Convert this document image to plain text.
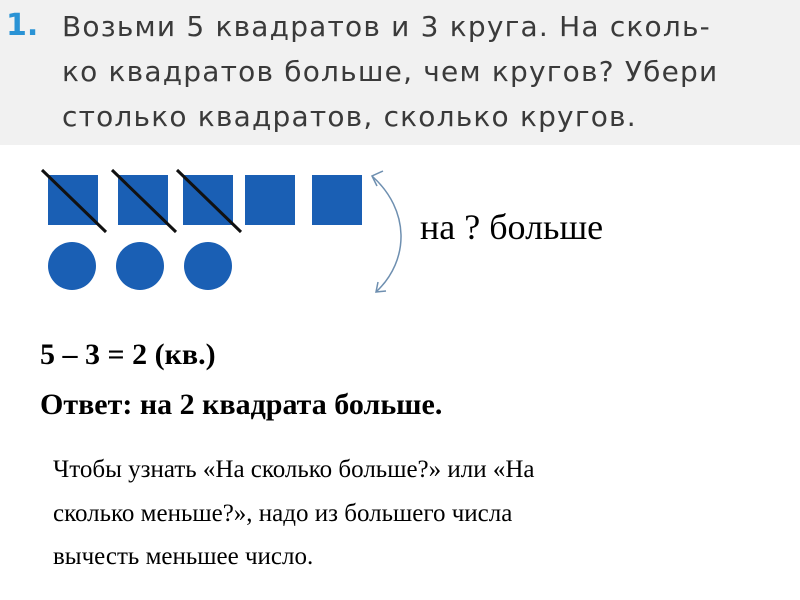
1. Возьми 5 квадратов и 3 круга. На сколь-
ко квадратов больше, чем кругов? Убери
столько квадратов, сколько кругов.
на ? больше
5 – 3 = 2 (кв.)
Ответ: на 2 квадрата больше.
Чтобы узнать «На сколько больше?» или «На
сколько меньше?», надо из большего числа
вычесть меньшее число.
